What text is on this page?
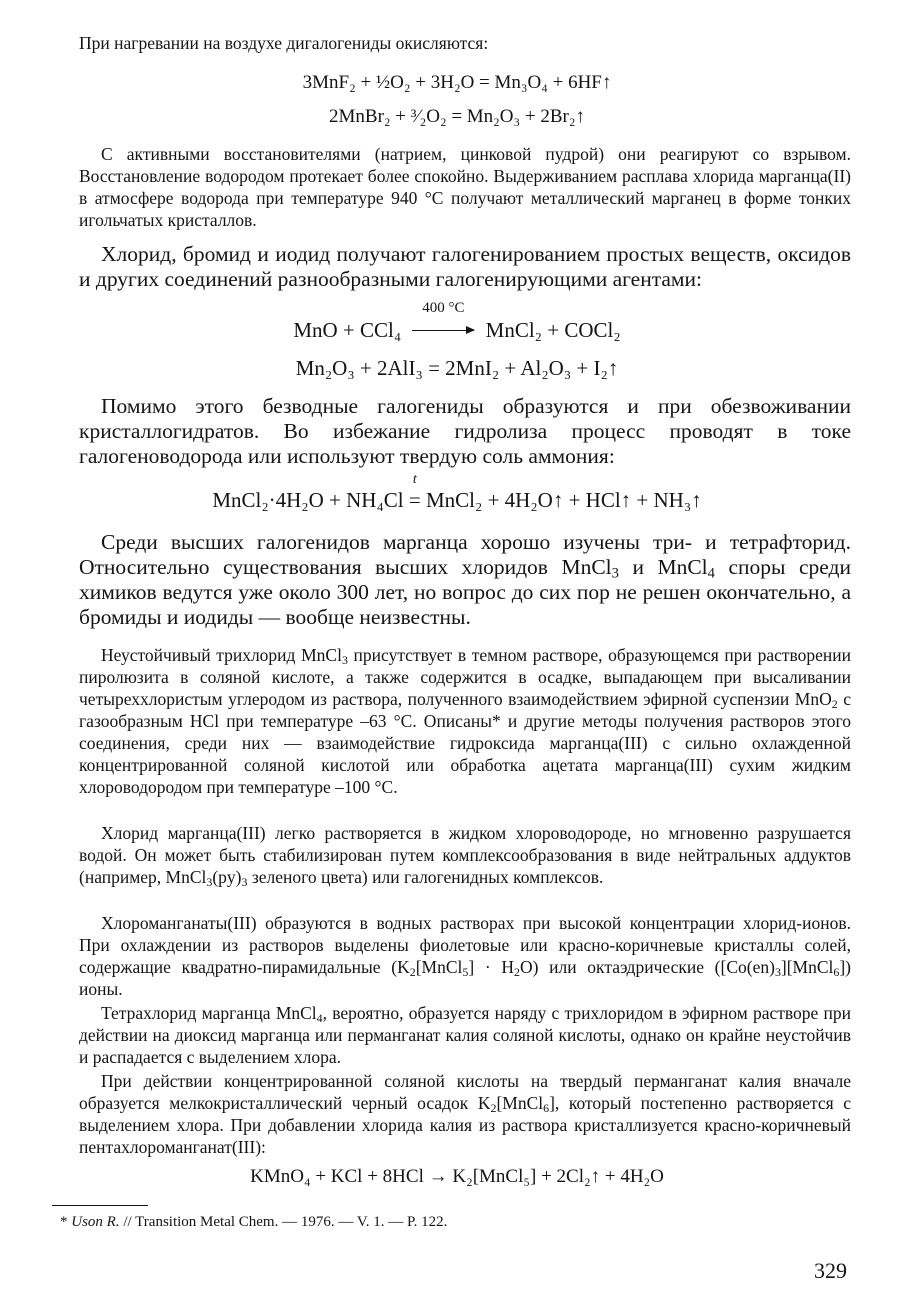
При нагревании на воздухе дигалогениды окисляются:

3MnF₂ + ½O₂ + 3H₂O = Mn₃O₄ + 6HF↑
2MnBr₂ + ³⁄₂O₂ = Mn₂O₃ + 2Br₂↑

С активными восстановителями (натрием, цинковой пудрой) они реагируют со взрывом. Восстановление водородом протекает более спокойно. Выдерживанием расплава хлорида марганца(II) в атмосфере водорода при температуре 940 °С получают металлический марганец в форме тонких игольчатых кристаллов.

Хлорид, бромид и иодид получают галогенированием простых веществ, оксидов и других соединений разнообразными галогенирующими агентами:

MnO + CCl₄
400 °C
MnCl₂ + COCl₂
Mn₂O₃ + 2AlI₃ = 2MnI₂ + Al₂O₃ + I₂↑

Помимо этого безводные галогениды образуются и при обезвоживании кристаллогидратов. Во избежание гидролиза процесс проводят в токе галогеноводорода или используют твердую соль аммония:

MnCl₂·4H₂O + NH₄Cl
t
= MnCl₂ + 4H₂O↑ + HCl↑ + NH₃↑

Среди высших галогенидов марганца хорошо изучены три- и тетрафторид. Относительно существования высших хлоридов MnCl$_3$ и MnCl$_4$ споры среди химиков ведутся уже около 300 лет, но вопрос до сих пор не решен окончательно, а бромиды и иодиды — вообще неизвестны.

Неустойчивый трихлорид MnCl$_3$ присутствует в темном растворе, образующемся при растворении пиролюзита в соляной кислоте, а также содержится в осадке, выпадающем при высаливании четыреххлористым углеродом из раствора, полученного взаимодействием эфирной суспензии MnO$_2$ с газообразным HCl при температуре –63 °С. Описаны* и другие методы получения растворов этого соединения, среди них — взаимодействие гидроксида марганца(III) с сильно охлажденной концентрированной соляной кислотой или обработка ацетата марганца(III) сухим жидким хлороводородом при температуре –100 °С.

Хлорид марганца(III) легко растворяется в жидком хлороводороде, но мгновенно разрушается водой. Он может быть стабилизирован путем комплексообразования в виде нейтральных аддуктов (например, $MnCl_3(py)_3$ зеленого цвета) или галогенидных комплексов.

Хлороманганаты(III) образуются в водных растворах при высокой концентрации хлорид-ионов. При охлаждении из растворов выделены фиолетовые или красно-коричневые кристаллы солей, содержащие квадратно-пирамидальные $(K_2[MnCl_5] \cdot H_2O)$ или октаэдрические $([Co(en)_3][MnCl_6])$ ионы.

Тетрахлорид марганца MnCl$_4$, вероятно, образуется наряду с трихлоридом в эфирном растворе при действии на диоксид марганца или перманганат калия соляной кислоты, однако он крайне неустойчив и распадается с выделением хлора.

При действии концентрированной соляной кислоты на твердый перманганат калия вначале образуется мелкокристаллический черный осадок $K_2[MnCl_6]$, который постепенно растворяется с выделением хлора. При добавлении хлорида калия из раствора кристаллизуется красно-коричневый пентахлороманганат(III):

KMnO₄ + KCl + 8HCl → K₂[MnCl₅] + 2Cl₂↑ + 4H₂O
* Uson R. // Transition Metal Chem. — 1976. — V. 1. — P. 122.
329
